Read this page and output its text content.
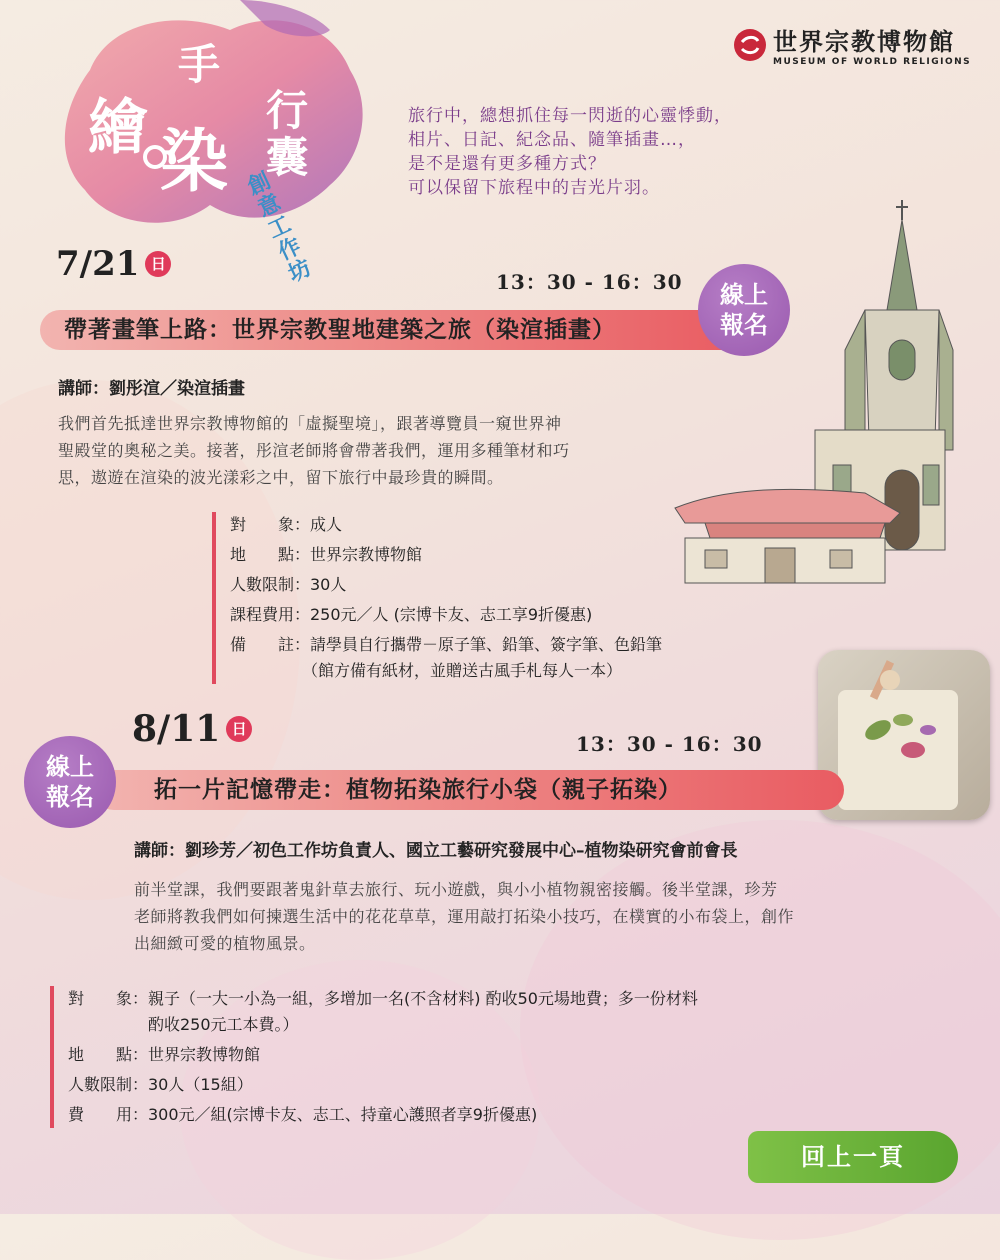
繪
手
染
行
囊
創意工作坊
世界宗教博物館
MUSEUM OF WORLD RELIGIONS

旅行中，總想抓住每一閃逝的心靈悸動，

相片、日記、紀念品、隨筆插畫…，

是不是還有更多種方式？

可以保留下旅程中的吉光片羽。

7/21 日
13：30 - 16：30
帶著畫筆上路：世界宗教聖地建築之旅（染渲插畫）
線上
報名
講師：劉彤渲／染渲插畫

我們首先抵達世界宗教博物館的「虛擬聖境」，跟著導覽員一窺世界神

聖殿堂的奧秘之美。接著，彤渲老師將會帶著我們，運用多種筆材和巧

思，遨遊在渲染的波光漾彩之中，留下旅行中最珍貴的瞬間。

對　　象：成人
地　　點：世界宗教博物館
人數限制：30人
課程費用：250元／人 (宗博卡友、志工享9折優惠)
備　　註：請學員自行攜帶－原子筆、鉛筆、簽字筆、色鉛筆
　　　　　（館方備有紙材，並贈送古風手札每人一本）
8/11 日
13：30 - 16：30
拓一片記憶帶走：植物拓染旅行小袋（親子拓染）
線上
報名
講師：劉珍芳／初色工作坊負責人、國立工藝研究發展中心–植物染研究會前會長

前半堂課，我們要跟著鬼針草去旅行、玩小遊戲，與小小植物親密接觸。後半堂課，珍芳

老師將教我們如何揀選生活中的花花草草，運用敲打拓染小技巧，在樸實的小布袋上，創作

出細緻可愛的植物風景。

對　　象：親子（一大一小為一組，多增加一名(不含材料) 酌收50元場地費；多一份材料
　　　　　酌收250元工本費。）
地　　點：世界宗教博物館
人數限制：30人（15組）
費　　用：300元／組(宗博卡友、志工、持童心護照者享9折優惠)
回上一頁
